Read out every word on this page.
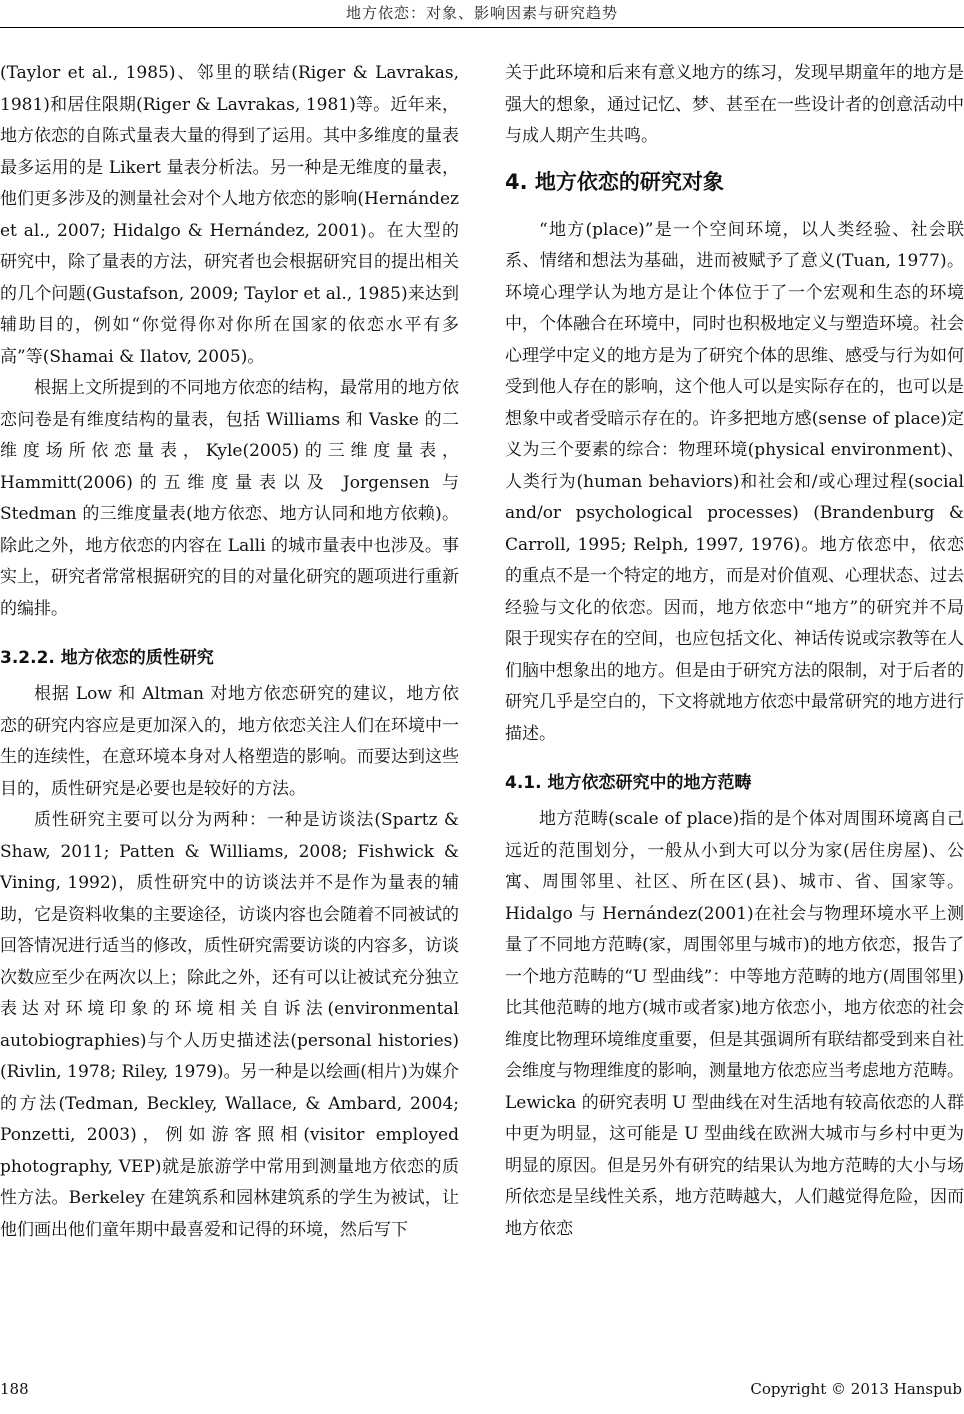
地方依恋：对象、影响因素与研究趋势

(Taylor et al., 1985)、邻里的联结(Riger & Lavrakas, 1981)和居住限期(Riger & Lavrakas, 1981)等。近年来，地方依恋的自陈式量表大量的得到了运用。其中多维度的量表最多运用的是 Likert 量表分析法。另一种是无维度的量表，他们更多涉及的测量社会对个人地方依恋的影响(Hernández et al., 2007; Hidalgo & Hernández, 2001)。在大型的研究中，除了量表的方法，研究者也会根据研究目的提出相关的几个问题(Gustafson, 2009; Taylor et al., 1985)来达到辅助目的，例如“你觉得你对你所在国家的依恋水平有多高”等(Shamai & Ilatov, 2005)。

根据上文所提到的不同地方依恋的结构，最常用的地方依恋问卷是有维度结构的量表，包括 Williams 和 Vaske 的二维度场所依恋量表，Kyle(2005)的三维度量表，Hammitt(2006)的五维度量表以及 Jorgensen 与 Stedman 的三维度量表(地方依恋、地方认同和地方依赖)。除此之外，地方依恋的内容在 Lalli 的城市量表中也涉及。事实上，研究者常常根据研究的目的对量化研究的题项进行重新的编排。

3.2.2. 地方依恋的质性研究

根据 Low 和 Altman 对地方依恋研究的建议，地方依恋的研究内容应是更加深入的，地方依恋关注人们在环境中一生的连续性，在意环境本身对人格塑造的影响。而要达到这些目的，质性研究是必要也是较好的方法。

质性研究主要可以分为两种：一种是访谈法(Spartz & Shaw, 2011; Patten & Williams, 2008; Fishwick & Vining, 1992)，质性研究中的访谈法并不是作为量表的辅助，它是资料收集的主要途径，访谈内容也会随着不同被试的回答情况进行适当的修改，质性研究需要访谈的内容多，访谈次数应至少在两次以上；除此之外，还有可以让被试充分独立表达对环境印象的环境相关自诉法(environmental autobiographies)与个人历史描述法(personal histories)(Rivlin, 1978; Riley, 1979)。另一种是以绘画(相片)为媒介的方法(Tedman, Beckley, Wallace, & Ambard, 2004; Ponzetti, 2003)，例如游客照相(visitor employed photography, VEP)就是旅游学中常用到测量地方依恋的质性方法。Berkeley 在建筑系和园林建筑系的学生为被试，让他们画出他们童年期中最喜爱和记得的环境，然后写下

关于此环境和后来有意义地方的练习，发现早期童年的地方是强大的想象，通过记忆、梦、甚至在一些设计者的创意活动中与成人期产生共鸣。

4. 地方依恋的研究对象

“地方(place)”是一个空间环境，以人类经验、社会联系、情绪和想法为基础，进而被赋予了意义(Tuan, 1977)。环境心理学认为地方是让个体位于了一个宏观和生态的环境中，个体融合在环境中，同时也积极地定义与塑造环境。社会心理学中定义的地方是为了研究个体的思维、感受与行为如何受到他人存在的影响，这个他人可以是实际存在的，也可以是想象中或者受暗示存在的。许多把地方感(sense of place)定义为三个要素的综合：物理环境(physical environment)、人类行为(human behaviors)和社会和/或心理过程(social and/or psychological processes) (Brandenburg & Carroll, 1995; Relph, 1997, 1976)。地方依恋中，依恋的重点不是一个特定的地方，而是对价值观、心理状态、过去经验与文化的依恋。因而，地方依恋中“地方”的研究并不局限于现实存在的空间，也应包括文化、神话传说或宗教等在人们脑中想象出的地方。但是由于研究方法的限制，对于后者的研究几乎是空白的，下文将就地方依恋中最常研究的地方进行描述。

4.1. 地方依恋研究中的地方范畴

地方范畴(scale of place)指的是个体对周围环境离自己远近的范围划分，一般从小到大可以分为家(居住房屋)、公寓、周围邻里、社区、所在区(县)、城市、省、国家等。Hidalgo 与 Hernández(2001)在社会与物理环境水平上测量了不同地方范畴(家，周围邻里与城市)的地方依恋，报告了一个地方范畴的“U 型曲线”：中等地方范畴的地方(周围邻里)比其他范畴的地方(城市或者家)地方依恋小，地方依恋的社会维度比物理环境维度重要，但是其强调所有联结都受到来自社会维度与物理维度的影响，测量地方依恋应当考虑地方范畴。Lewicka 的研究表明 U 型曲线在对生活地有较高依恋的人群中更为明显，这可能是 U 型曲线在欧洲大城市与乡村中更为明显的原因。但是另外有研究的结果认为地方范畴的大小与场所依恋是呈线性关系，地方范畴越大，人们越觉得危险，因而地方依恋

188	Copyright © 2013 Hanspub
